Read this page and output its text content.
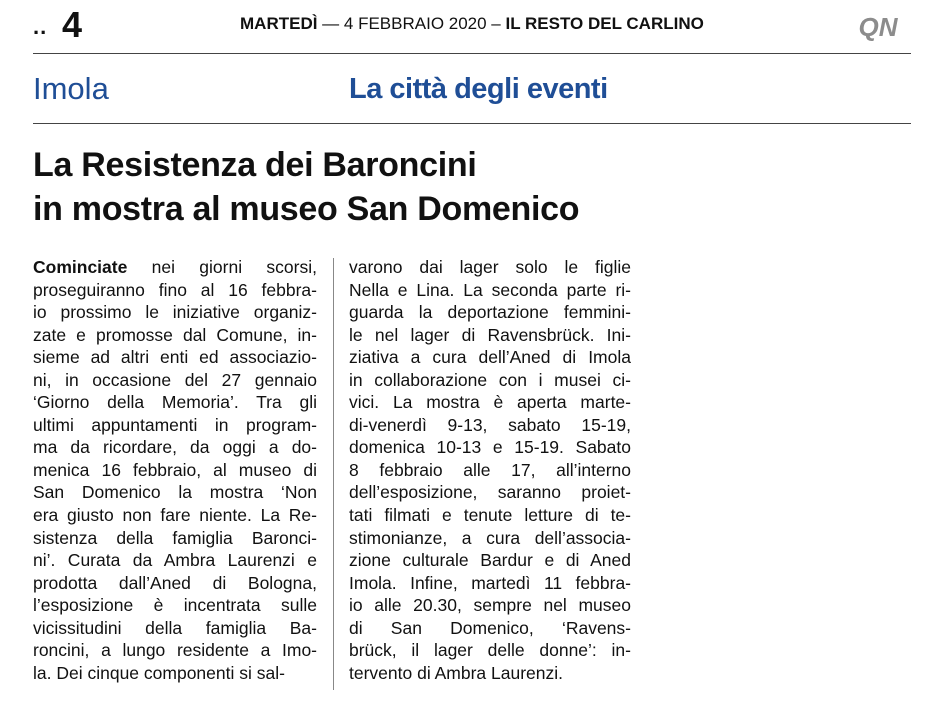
.. 4	MARTEDÌ — 4 FEBBRAIO 2020 – IL RESTO DEL CARLINO	QN
Imola	La città degli eventi
La Resistenza dei Baroncini
in mostra al museo San Domenico
Cominciate nei giorni scorsi,
proseguiranno fino al 16 febbra-
io prossimo le iniziative organiz-
zate e promosse dal Comune, in-
sieme ad altri enti ed associazio-
ni, in occasione del 27 gennaio
‘Giorno della Memoria’. Tra gli
ultimi appuntamenti in program-
ma da ricordare, da oggi a do-
menica 16 febbraio, al museo di
San Domenico la mostra ‘Non
era giusto non fare niente. La Re-
sistenza della famiglia Baronci-
ni’. Curata da Ambra Laurenzi e
prodotta dall’Aned di Bologna,
l’esposizione è incentrata sulle
vicissitudini della famiglia Ba-
roncini, a lungo residente a Imo-
la. Dei cinque componenti si sal-
varono dai lager solo le figlie
Nella e Lina. La seconda parte ri-
guarda la deportazione femmini-
le nel lager di Ravensbrück. Ini-
ziativa a cura dell’Aned di Imola
in collaborazione con i musei ci-
vici. La mostra è aperta marte-
di-venerdì 9-13, sabato 15-19,
domenica 10-13 e 15-19. Sabato
8 febbraio alle 17, all’interno
dell’esposizione, saranno proiet-
tati filmati e tenute letture di te-
stimonianze, a cura dell’associa-
zione culturale Bardur e di Aned
Imola. Infine, martedì 11 febbra-
io alle 20.30, sempre nel museo
di San Domenico, ‘Ravens-
brück, il lager delle donne’: in-
tervento di Ambra Laurenzi.
